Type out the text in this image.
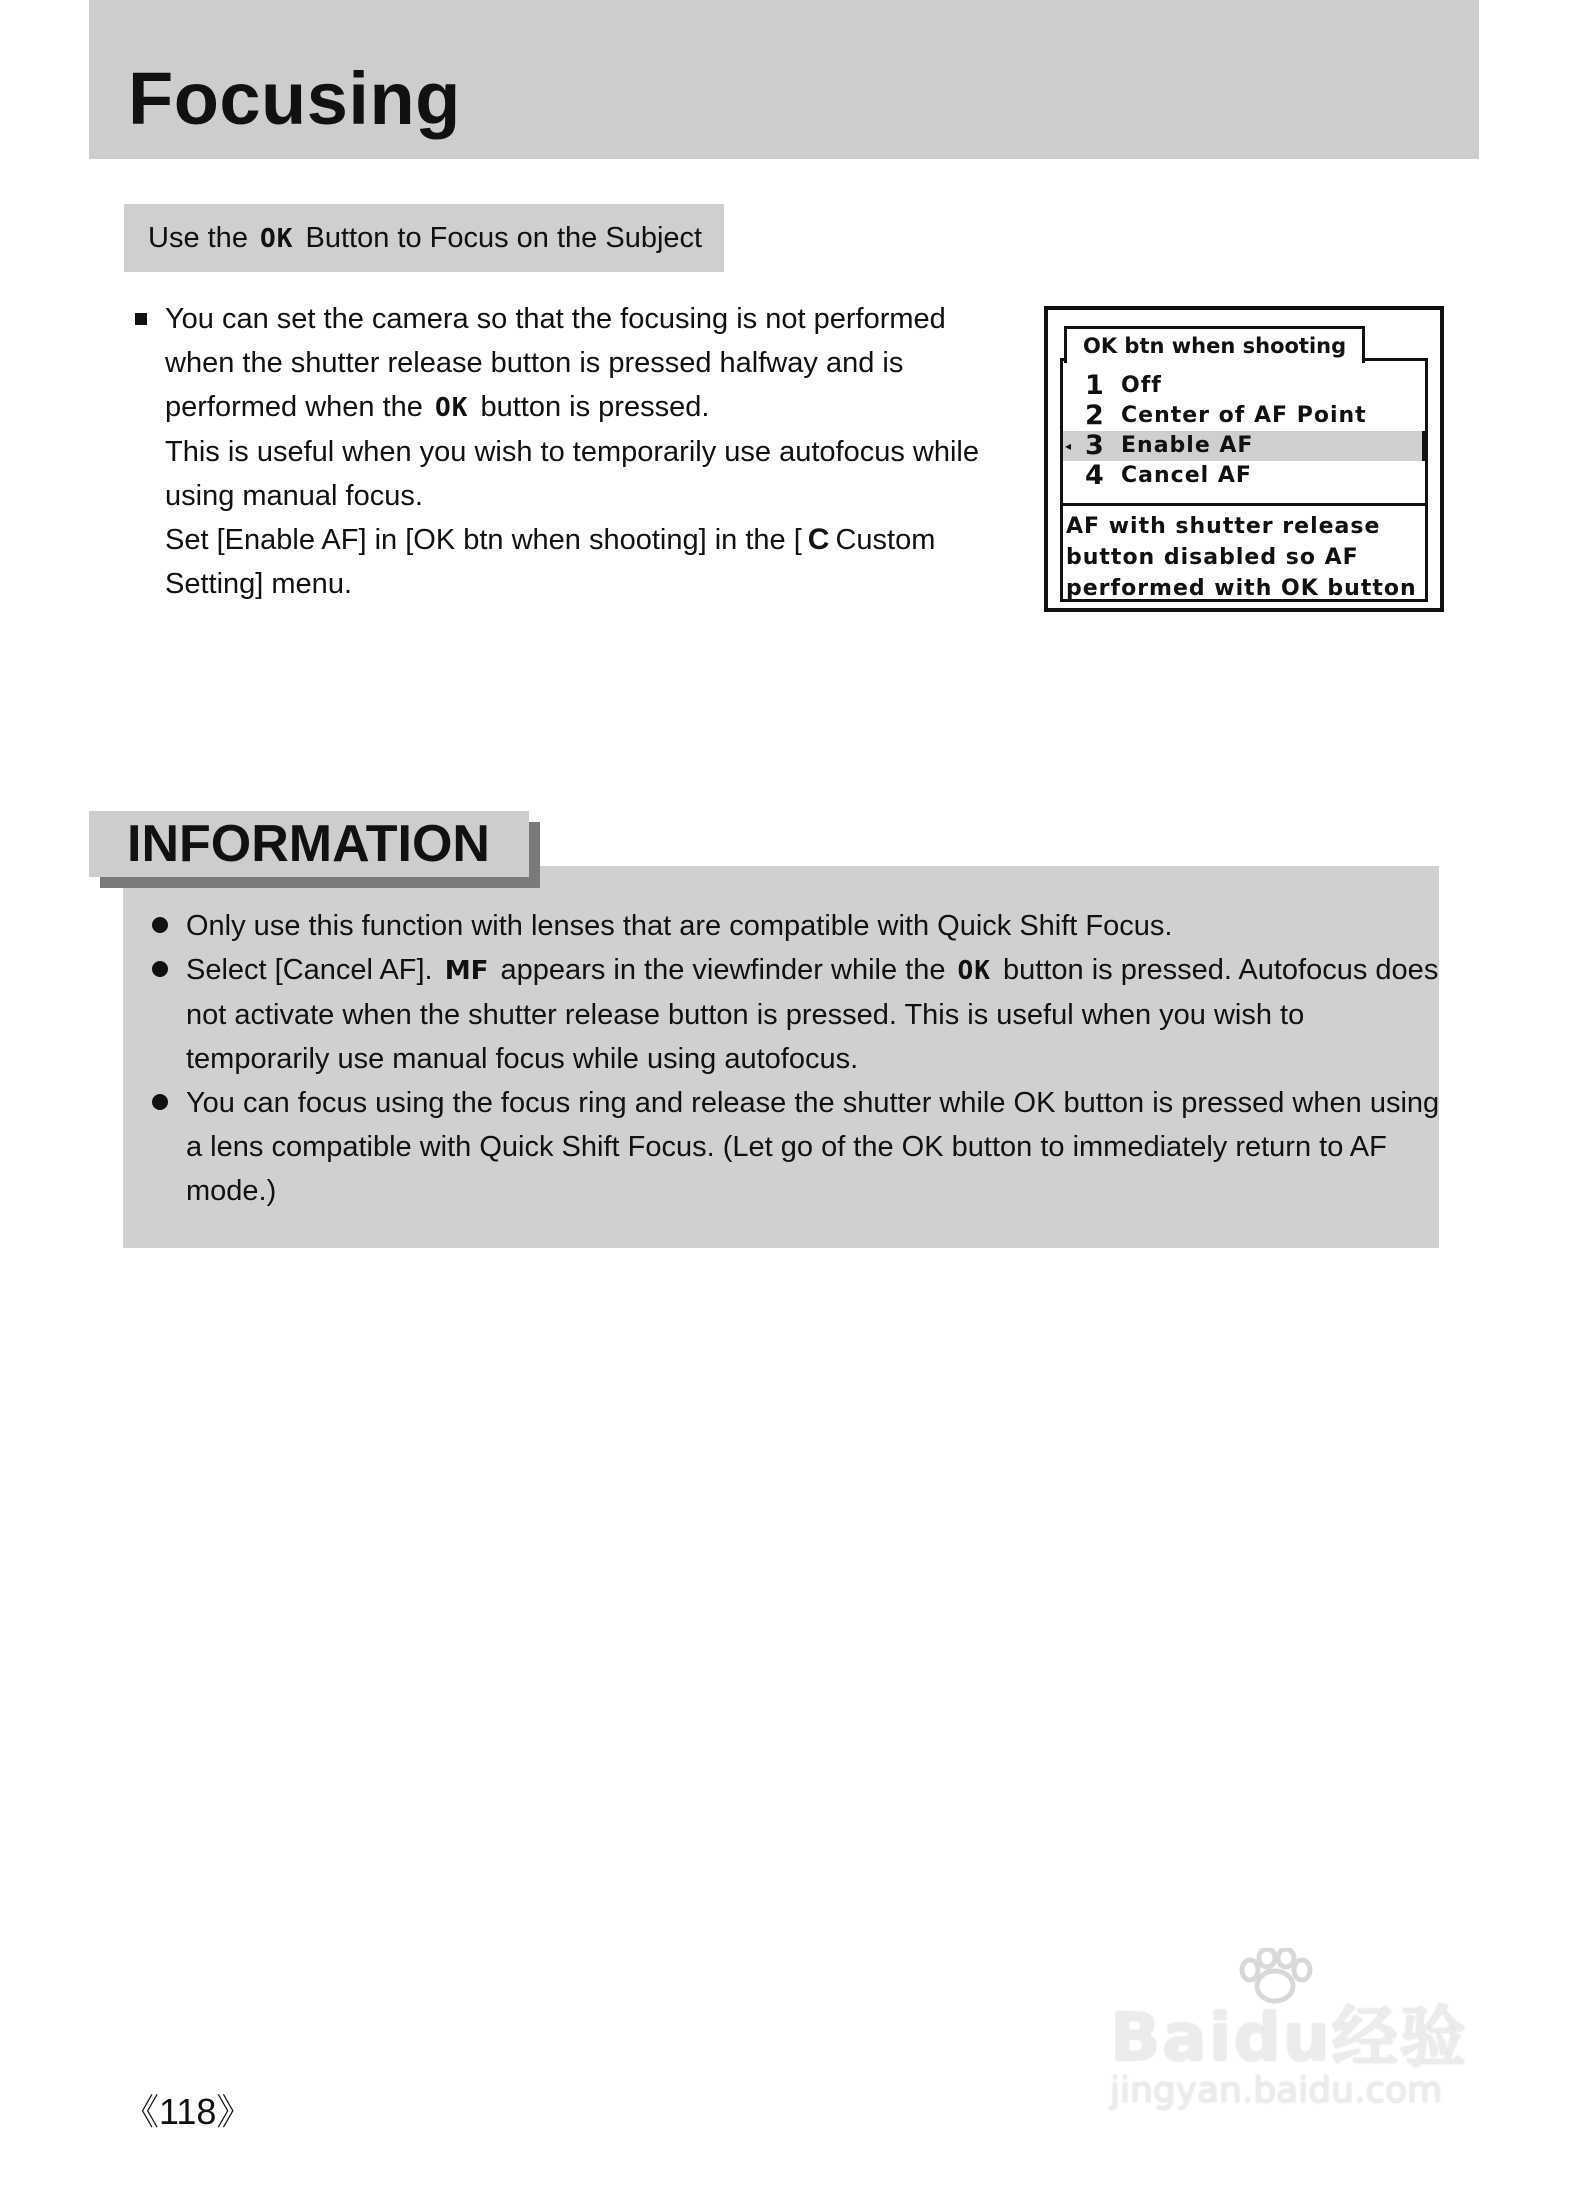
Focusing
Use the OK Button to Focus on the Subject
You can set the camera so that the focusing is not performed
when the shutter release button is pressed halfway and is
performed when the OK button is pressed.
This is useful when you wish to temporarily use autofocus while
using manual focus.
Set [Enable AF] in [OK btn when shooting] in the [ C Custom
Setting] menu.
OK btn when shooting
1 Off
2 Center of AF Point
◂ 3 Enable AF
4 Cancel AF
AF with shutter release
button disabled so AF
performed with OK button
INFORMATION
Only use this function with lenses that are compatible with Quick Shift Focus.
Select [Cancel AF]. MF appears in the viewfinder while the OK button is pressed. Autofocus does
not activate when the shutter release button is pressed. This is useful when you wish to
temporarily use manual focus while using autofocus.
You can focus using the focus ring and release the shutter while OK button is pressed when using
a lens compatible with Quick Shift Focus. (Let go of the OK button to immediately return to AF
mode.)
《118》
Baidu经验
jingyan.baidu.com
